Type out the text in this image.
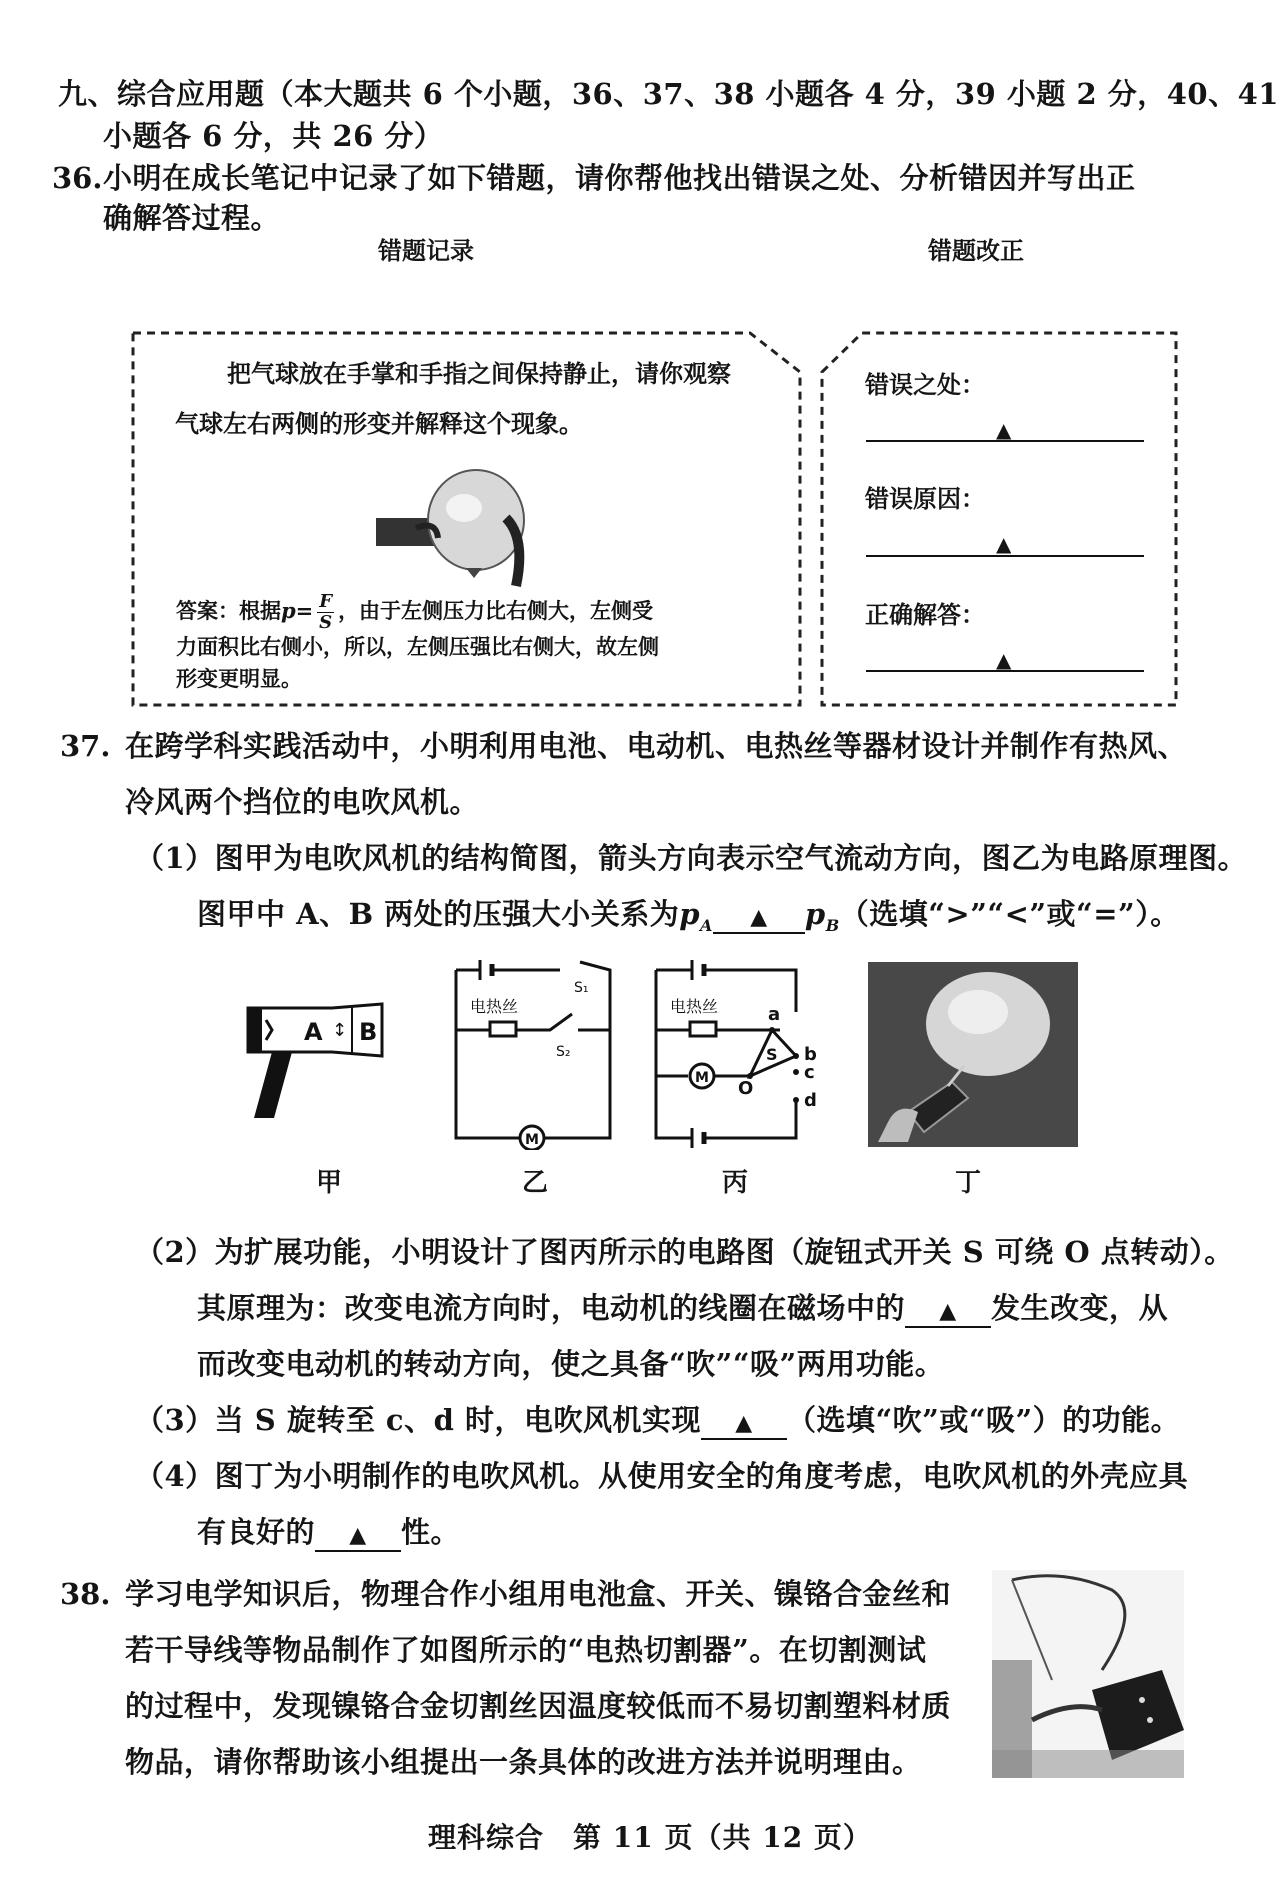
九、综合应用题（本大题共 6 个小题，36、37、38 小题各 4 分，39 小题 2 分，40、41
小题各 6 分，共 26 分）
36. 小明在成长笔记中记录了如下错题，请你帮他找出错误之处、分析错因并写出正
确解答过程。
错题记录	错题改正
把气球放在手掌和手指之间保持静止，请你观察
气球左右两侧的形变并解释这个现象。
答案：根据$p= \frac{F}{S}$ ，由于左侧压力比右侧大，左侧受
力面积比右侧小，所以，左侧压强比右侧大，故左侧
形变更明显。
错误之处：
▲
错误原因：
▲
正确解答：
▲
37. 在跨学科实践活动中，小明利用电池、电动机、电热丝等器材设计并制作有热风、
冷风两个挡位的电吹风机。
（1）图甲为电吹风机的结构简图，箭头方向表示空气流动方向，图乙为电路原理图。
图甲中 A、B 两处的压强大小关系为$p_A$ ▲ $p_B$（选填“>”“<”或“=”）。
A ↕ B
电热丝
S₁
S₂
M
电热丝
M
a
b
c
d
O
S
甲	乙	丙	丁
（2）为扩展功能，小明设计了图丙所示的电路图（旋钮式开关 S 可绕 O 点转动）。
其原理为：改变电流方向时，电动机的线圈在磁场中的 ▲ 发生改变，从
而改变电动机的转动方向，使之具备“吹”“吸”两用功能。
（3）当 S 旋转至 c、d 时，电吹风机实现 ▲ （选填“吹”或“吸”）的功能。
（4）图丁为小明制作的电吹风机。从使用安全的角度考虑，电吹风机的外壳应具
有良好的 ▲ 性。
38. 学习电学知识后，物理合作小组用电池盒、开关、镍铬合金丝和
若干导线等物品制作了如图所示的“电热切割器”。在切割测试
的过程中，发现镍铬合金切割丝因温度较低而不易切割塑料材质
物品，请你帮助该小组提出一条具体的改进方法并说明理由。
理科综合　第 11 页（共 12 页）
